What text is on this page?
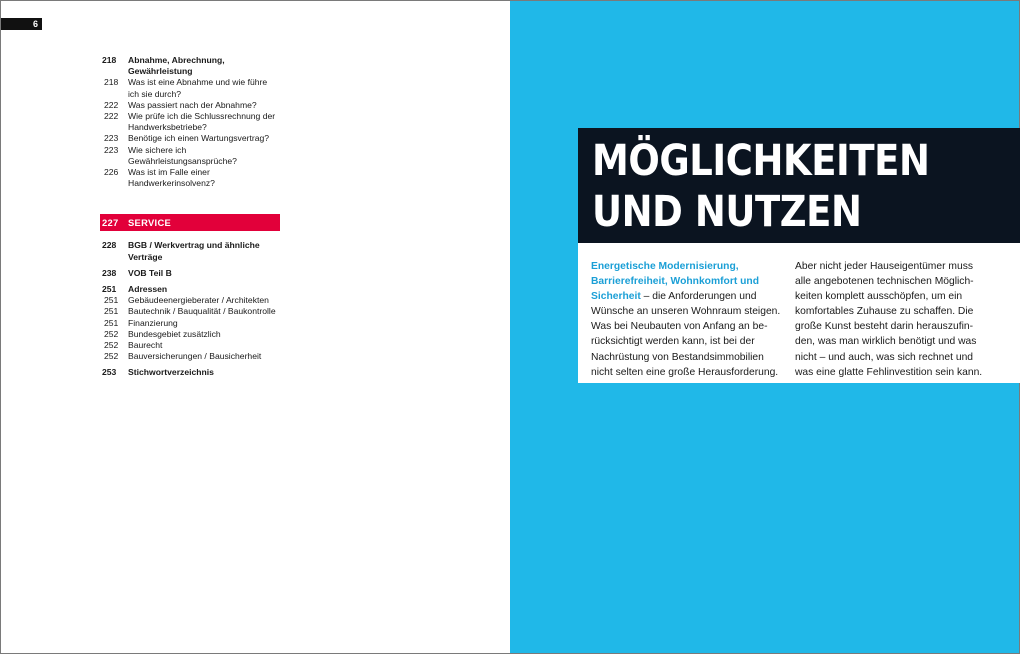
6
218	Abnahme, Abrechnung,
Gewährleistung
218	Was ist eine Abnahme und wie führe
ich sie durch?
222	Was passiert nach der Abnahme?
222	Wie prüfe ich die Schlussrechnung der
Handwerksbetriebe?
223	Benötige ich einen Wartungsvertrag?
223	Wie sichere ich
Gewährleistungsansprüche?
226	Was ist im Falle einer
Handwerkerinsolvenz?
227	SERVICE
228	BGB / Werkvertrag und ähnliche
Verträge
238	VOB Teil B
251	Adressen
251	Gebäudeenergieberater / Architekten
251	Bautechnik / Bauqualität / Baukontrolle
251	Finanzierung
252	Bundesgebiet zusätzlich
252	Baurecht
252	Bauversicherungen / Bausicherheit
253	Stichwortverzeichnis
MÖGLICHKEITEN
UND NUTZEN
Energetische Modernisierung,
Barrierefreiheit, Wohnkomfort und
Sicherheit – die Anforderungen und
Wünsche an unseren Wohnraum steigen.
Was bei Neubauten von Anfang an be-
rücksichtigt werden kann, ist bei der
Nachrüstung von Bestandsimmobilien
nicht selten eine große Herausforderung.
Aber nicht jeder Hauseigentümer muss
alle angebotenen technischen Möglich-
keiten komplett ausschöpfen, um ein
komfortables Zuhause zu schaffen. Die
große Kunst besteht darin herauszufin-
den, was man wirklich benötigt und was
nicht – und auch, was sich rechnet und
was eine glatte Fehlinvestition sein kann.
